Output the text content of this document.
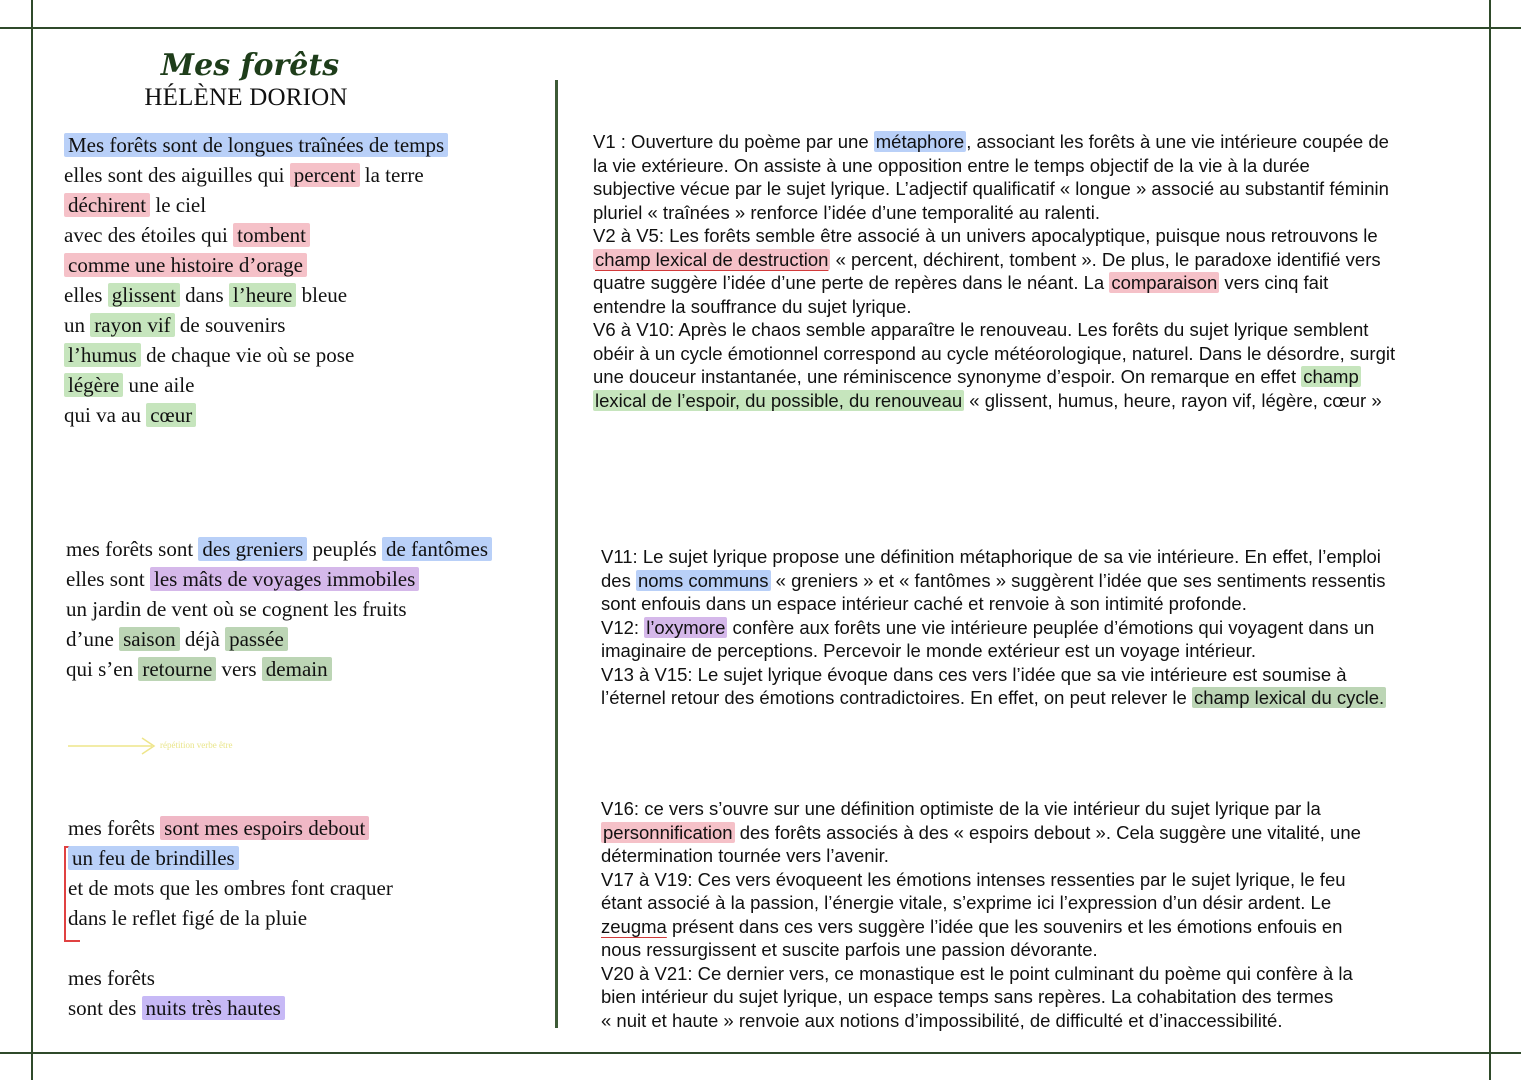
Mes forêts
HÉLÈNE DORION
Mes forêts sont de longues traînées de temps
elles sont des aiguilles qui percent la terre
déchirent le ciel
avec des étoiles qui tombent
comme une histoire d’orage
elles glissent dans l’heure bleue
un rayon vif de souvenirs
l’humus de chaque vie où se pose
légère une aile
qui va au cœur
mes forêts sont des greniers peuplés de fantômes
elles sont les mâts de voyages immobiles
un jardin de vent où se cognent les fruits
d’une saison déjà passée
qui s’en retourne vers demain
répétition verbe être
mes forêts sont mes espoirs debout
un feu de brindilles
et de mots que les ombres font craquer
dans le reflet figé de la pluie
mes forêts
sont des nuits très hautes

V1 : Ouverture du poème par une métaphore , associant les forêts à une vie intérieure coupée de

la vie extérieure. On assiste à une opposition entre le temps objectif de la vie à la durée

subjective vécue par le sujet lyrique. L’adjectif qualificatif « longue » associé au substantif féminin

pluriel « traînées » renforce l’idée d’une temporalité au ralenti.

V2 à V5: Les forêts semble être associé à un univers apocalyptique, puisque nous retrouvons le

champ lexical de destruction « percent, déchirent, tombent ». De plus, le paradoxe identifié vers

quatre suggère l’idée d’une perte de repères dans le néant. La comparaison vers cinq fait

entendre la souffrance du sujet lyrique.

V6 à V10: Après le chaos semble apparaître le renouveau. Les forêts du sujet lyrique semblent

obéir à un cycle émotionnel correspond au cycle météorologique, naturel. Dans le désordre, surgit

une douceur instantanée, une réminiscence synonyme d’espoir. On remarque en effet champ

lexical de l’espoir, du possible, du renouveau « glissent, humus, heure, rayon vif, légère, cœur »

V11: Le sujet lyrique propose une définition métaphorique de sa vie intérieure. En effet, l’emploi

des noms communs « greniers » et « fantômes » suggèrent l’idée que ses sentiments ressentis

sont enfouis dans un espace intérieur caché et renvoie à son intimité profonde.

V12: l’oxymore confère aux forêts une vie intérieure peuplée d’émotions qui voyagent dans un

imaginaire de perceptions. Percevoir le monde extérieur est un voyage intérieur.

V13 à V15: Le sujet lyrique évoque dans ces vers l’idée que sa vie intérieure est soumise à

l’éternel retour des émotions contradictoires. En effet, on peut relever le champ lexical du cycle.

V16: ce vers s’ouvre sur une définition optimiste de la vie intérieur du sujet lyrique par la

personnification des forêts associés à des « espoirs debout ». Cela suggère une vitalité, une

détermination tournée vers l’avenir.

V17 à V19: Ces vers évoqueent les émotions intenses ressenties par le sujet lyrique, le feu

étant associé à la passion, l’énergie vitale, s’exprime ici l’expression d’un désir ardent. Le

zeugma présent dans ces vers suggère l’idée que les souvenirs et les émotions enfouis en

nous ressurgissent et suscite parfois une passion dévorante.

V20 à V21: Ce dernier vers, ce monastique est le point culminant du poème qui confère à la

bien intérieur du sujet lyrique, un espace temps sans repères. La cohabitation des termes

« nuit et haute » renvoie aux notions d’impossibilité, de difficulté et d’inaccessibilité.
